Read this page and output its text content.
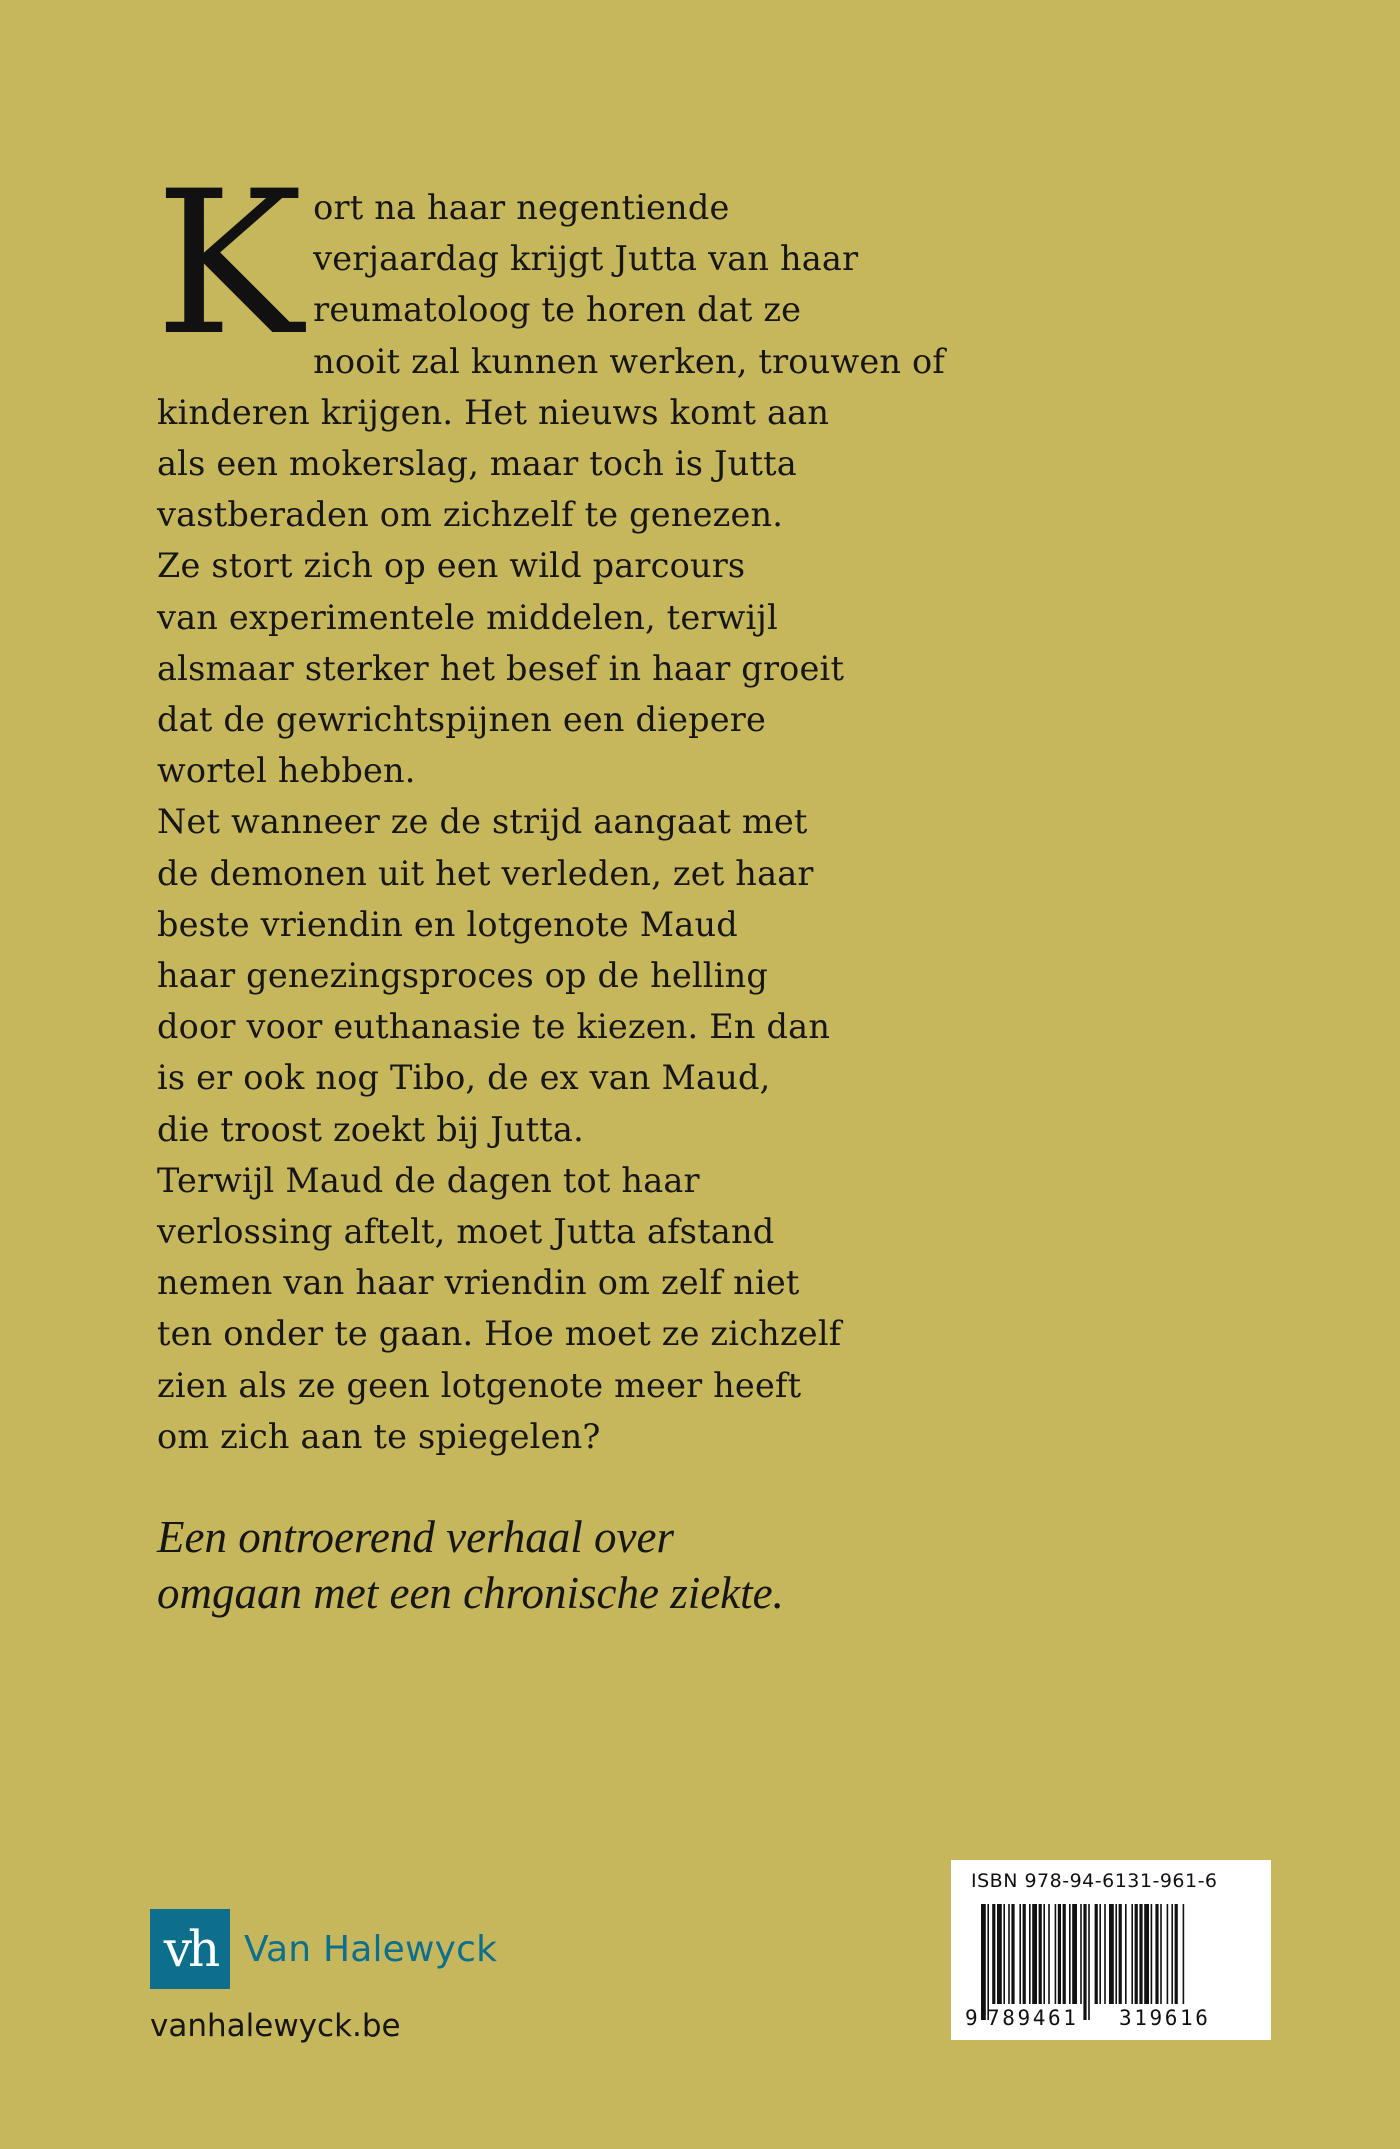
K ort na haar negentiende
verjaardag krijgt Jutta van haar
reumatoloog te horen dat ze
nooit zal kunnen werken, trouwen of
kinderen krijgen. Het nieuws komt aan
als een mokerslag, maar toch is Jutta
vastberaden om zichzelf te genezen.
Ze stort zich op een wild parcours
van experimentele middelen, terwijl
alsmaar sterker het besef in haar groeit
dat de gewrichtspijnen een diepere
wortel hebben.
Net wanneer ze de strijd aangaat met
de demonen uit het verleden, zet haar
beste vriendin en lotgenote Maud
haar genezingsproces op de helling
door voor euthanasie te kiezen. En dan
is er ook nog Tibo, de ex van Maud,
die troost zoekt bij Jutta.
Terwijl Maud de dagen tot haar
verlossing aftelt, moet Jutta afstand
nemen van haar vriendin om zelf niet
ten onder te gaan. Hoe moet ze zichzelf
zien als ze geen lotgenote meer heeft
om zich aan te spiegelen?
Een ontroerend verhaal over
omgaan met een chronische ziekte.
vh Van Halewyck
vanhalewyck.be
ISBN 978-94-6131-961-6
9 789461 319616
